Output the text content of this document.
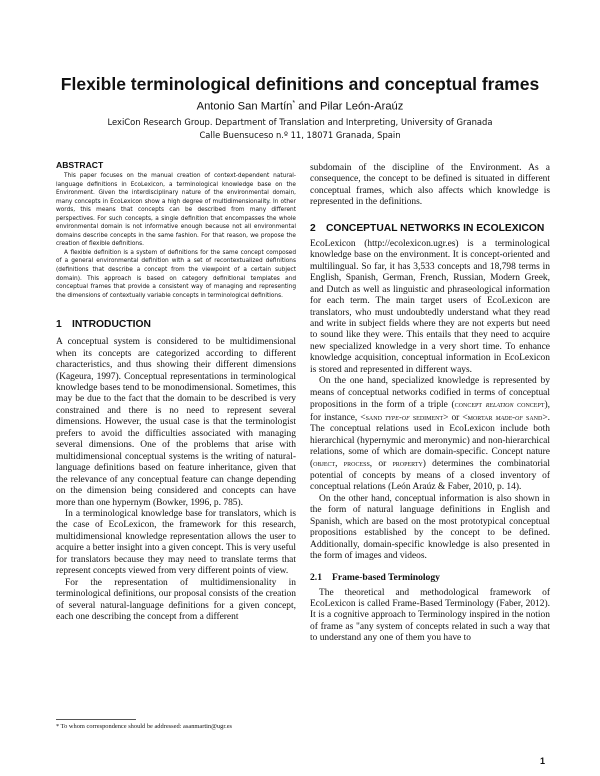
Flexible terminological definitions and conceptual frames

Antonio San Martín* and Pilar León-Araúz

LexiCon Research Group. Department of Translation and Interpreting, University of Granada

Calle Buensuceso n.º 11, 18071 Granada, Spain

ABSTRACT

This paper focuses on the manual creation of context-dependent natural-language definitions in EcoLexicon, a terminological knowledge base on the Environment. Given the interdisciplinary nature of the environmental domain, many concepts in EcoLexicon show a high degree of multidimensionality. In other words, this means that concepts can be described from many different perspectives. For such concepts, a single definition that encompasses the whole environmental domain is not informative enough because not all environmental domains describe concepts in the same fashion. For that reason, we propose the creation of flexible definitions.

A flexible definition is a system of definitions for the same concept composed of a general environmental definition with a set of recontextualized definitions (definitions that describe a concept from the viewpoint of a certain subject domain). This approach is based on category definitional templates and conceptual frames that provide a consistent way of managing and representing the dimensions of contextually variable concepts in terminological definitions.

1 INTRODUCTION

A conceptual system is considered to be multidimensional when its concepts are categorized according to different characteristics, and thus showing their different dimensions (Kageura, 1997). Conceptual representations in terminological knowledge bases tend to be monodimensional. Sometimes, this may be due to the fact that the domain to be described is very constrained and there is no need to represent several dimensions. However, the usual case is that the terminologist prefers to avoid the difficulties associated with managing several dimensions. One of the problems that arise with multidimensional conceptual systems is the writing of natural-language definitions based on feature inheritance, given that the relevance of any conceptual feature can change depending on the dimension being considered and concepts can have more than one hypernym (Bowker, 1996, p. 785).

In a terminological knowledge base for translators, which is the case of EcoLexicon, the framework for this research, multidimensional knowledge representation allows the user to acquire a better insight into a given concept. This is very useful for translators because they may need to translate terms that represent concepts viewed from very different points of view.

For the representation of multidimensionality in terminological definitions, our proposal consists of the creation of several natural-language definitions for a given concept, each one describing the concept from a different

subdomain of the discipline of the Environment. As a consequence, the concept to be defined is situated in different conceptual frames, which also affects which knowledge is represented in the definitions.

2 CONCEPTUAL NETWORKS IN ECOLEXICON

EcoLexicon (http://ecolexicon.ugr.es) is a terminological knowledge base on the environment. It is concept-oriented and multilingual. So far, it has 3,533 concepts and 18,798 terms in English, Spanish, German, French, Russian, Modern Greek, and Dutch as well as linguistic and phraseological information for each term. The main target users of EcoLexicon are translators, who must undoubtedly understand what they read and write in subject fields where they are not experts but need to sound like they were. This entails that they need to acquire new specialized knowledge in a very short time. To enhance knowledge acquisition, conceptual information in EcoLexicon is stored and represented in different ways.

On the one hand, specialized knowledge is represented by means of conceptual networks codified in terms of conceptual propositions in the form of a triple (concept relation concept), for instance, <sand type-of sediment> or <mortar made-of sand>. The conceptual relations used in EcoLexicon include both hierarchical (hypernymic and meronymic) and non-hierarchical relations, some of which are domain-specific. Concept nature (object, process, or property) determines the combinatorial potential of concepts by means of a closed inventory of conceptual relations (León Araúz & Faber, 2010, p. 14).

On the other hand, conceptual information is also shown in the form of natural language definitions in English and Spanish, which are based on the most prototypical conceptual propositions established by the concept to be defined. Additionally, domain-specific knowledge is also presented in the form of images and videos.

2.1	Frame-based Terminology

The theoretical and methodological framework of EcoLexicon is called Frame-Based Terminology (Faber, 2012). It is a cognitive approach to Terminology inspired in the notion of frame as "any system of concepts related in such a way that to understand any one of them you have to

* To whom correspondence should be addressed: asanmartin@ugr.es

1
